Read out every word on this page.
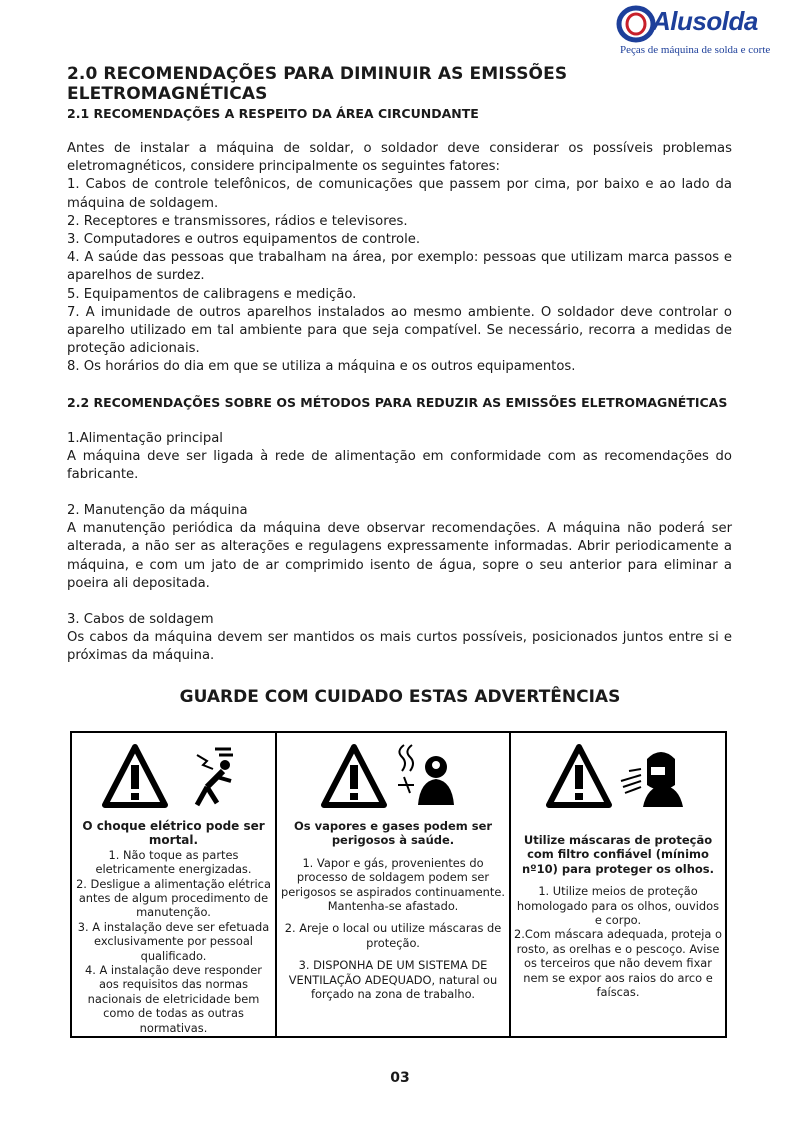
Alusolda
Peças de máquina de solda e corte
2.0 RECOMENDAÇÕES PARA DIMINUIR AS EMISSÕES ELETROMAGNÉTICAS
2.1 RECOMENDAÇÕES A RESPEITO DA ÁREA CIRCUNDANTE

Antes de instalar a máquina de soldar, o soldador deve considerar os possíveis problemas eletromagnéticos, considere principalmente os seguintes fatores:

1. Cabos de controle telefônicos, de comunicações que passem por cima, por baixo e ao lado da máquina de soldagem.

2. Receptores e transmissores, rádios e televisores.

3. Computadores e outros equipamentos de controle.

4. A saúde das pessoas que trabalham na área, por exemplo: pessoas que utilizam marca passos e aparelhos de surdez.

5. Equipamentos de calibragens e medição.

7. A imunidade de outros aparelhos instalados ao mesmo ambiente. O soldador deve controlar o aparelho utilizado em tal ambiente para que seja compatível. Se necessário, recorra a medidas de proteção adicionais.

8. Os horários do dia em que se utiliza a máquina e os outros equipamentos.

2.2 RECOMENDAÇÕES SOBRE OS MÉTODOS PARA REDUZIR AS EMISSÕES ELETROMAGNÉTICAS

1.Alimentação principal

A máquina deve ser ligada à rede de alimentação em conformidade com as recomendações do fabricante.

2. Manutenção da máquina

A manutenção periódica da máquina deve observar recomendações. A máquina não poderá ser alterada, a não ser as alterações e regulagens expressamente informadas. Abrir periodicamente a máquina, e com um jato de ar comprimido isento de água, sopre o seu anterior para eliminar a poeira ali depositada.

3. Cabos de soldagem

Os cabos da máquina devem ser mantidos os mais curtos possíveis, posicionados juntos entre si e próximas da máquina.

GUARDE COM CUIDADO ESTAS ADVERTÊNCIAS
O choque elétrico pode ser mortal.
1. Não toque as partes eletricamente energizadas.
2. Desligue a alimentação elétrica antes de algum procedimento de manutenção.
3. A instalação deve ser efetuada exclusivamente por pessoal qualificado.
4. A instalação deve responder aos requisitos das normas nacionais de eletricidade bem como de todas as outras normativas.
Os vapores e gases podem ser perigosos à saúde.
1. Vapor e gás, provenientes do processo de soldagem podem ser perigosos se aspirados continuamente. Mantenha-se afastado.
2. Areje o local ou utilize máscaras de proteção.
3. DISPONHA DE UM SISTEMA DE VENTILAÇÃO ADEQUADO, natural ou forçado na zona de trabalho.
Utilize máscaras de proteção com filtro confiável (mínimo nº10) para proteger os olhos.
1. Utilize meios de proteção homologado para os olhos, ouvidos e corpo.
2.Com máscara adequada, proteja o rosto, as orelhas e o pescoço. Avise os terceiros que não devem fixar nem se expor aos raios do arco e faíscas.
03
